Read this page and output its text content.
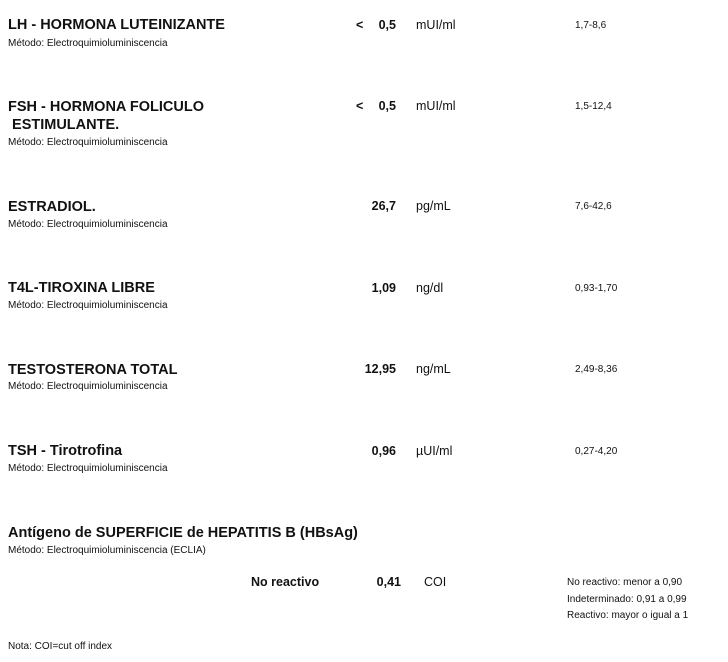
LH - HORMONA LUTEINIZANTE
Método: Electroquimioluminiscencia
< 0,5 mUI/ml	1,7-8,6
FSH - HORMONA FOLICULO
ESTIMULANTE.
Método: Electroquimioluminiscencia
< 0,5 mUI/ml	1,5-12,4
ESTRADIOL.
Método: Electroquimioluminiscencia
26,7 pg/mL	7,6-42,6
T4L-TIROXINA LIBRE
Método: Electroquimioluminiscencia
1,09 ng/dl	0,93-1,70
TESTOSTERONA TOTAL
Método: Electroquimioluminiscencia
12,95 ng/mL	2,49-8,36
TSH - Tirotrofina
Método: Electroquimioluminiscencia
0,96 µUI/ml	0,27-4,20
Antígeno de SUPERFICIE de HEPATITIS B (HBsAg)
Método: Electroquimioluminiscencia (ECLIA)
No reactivo	0,41 COI	No reactivo: menor a 0,90
Indeterminado: 0,91 a 0,99
Reactivo: mayor o igual a 1
Nota: COI=cut off index
